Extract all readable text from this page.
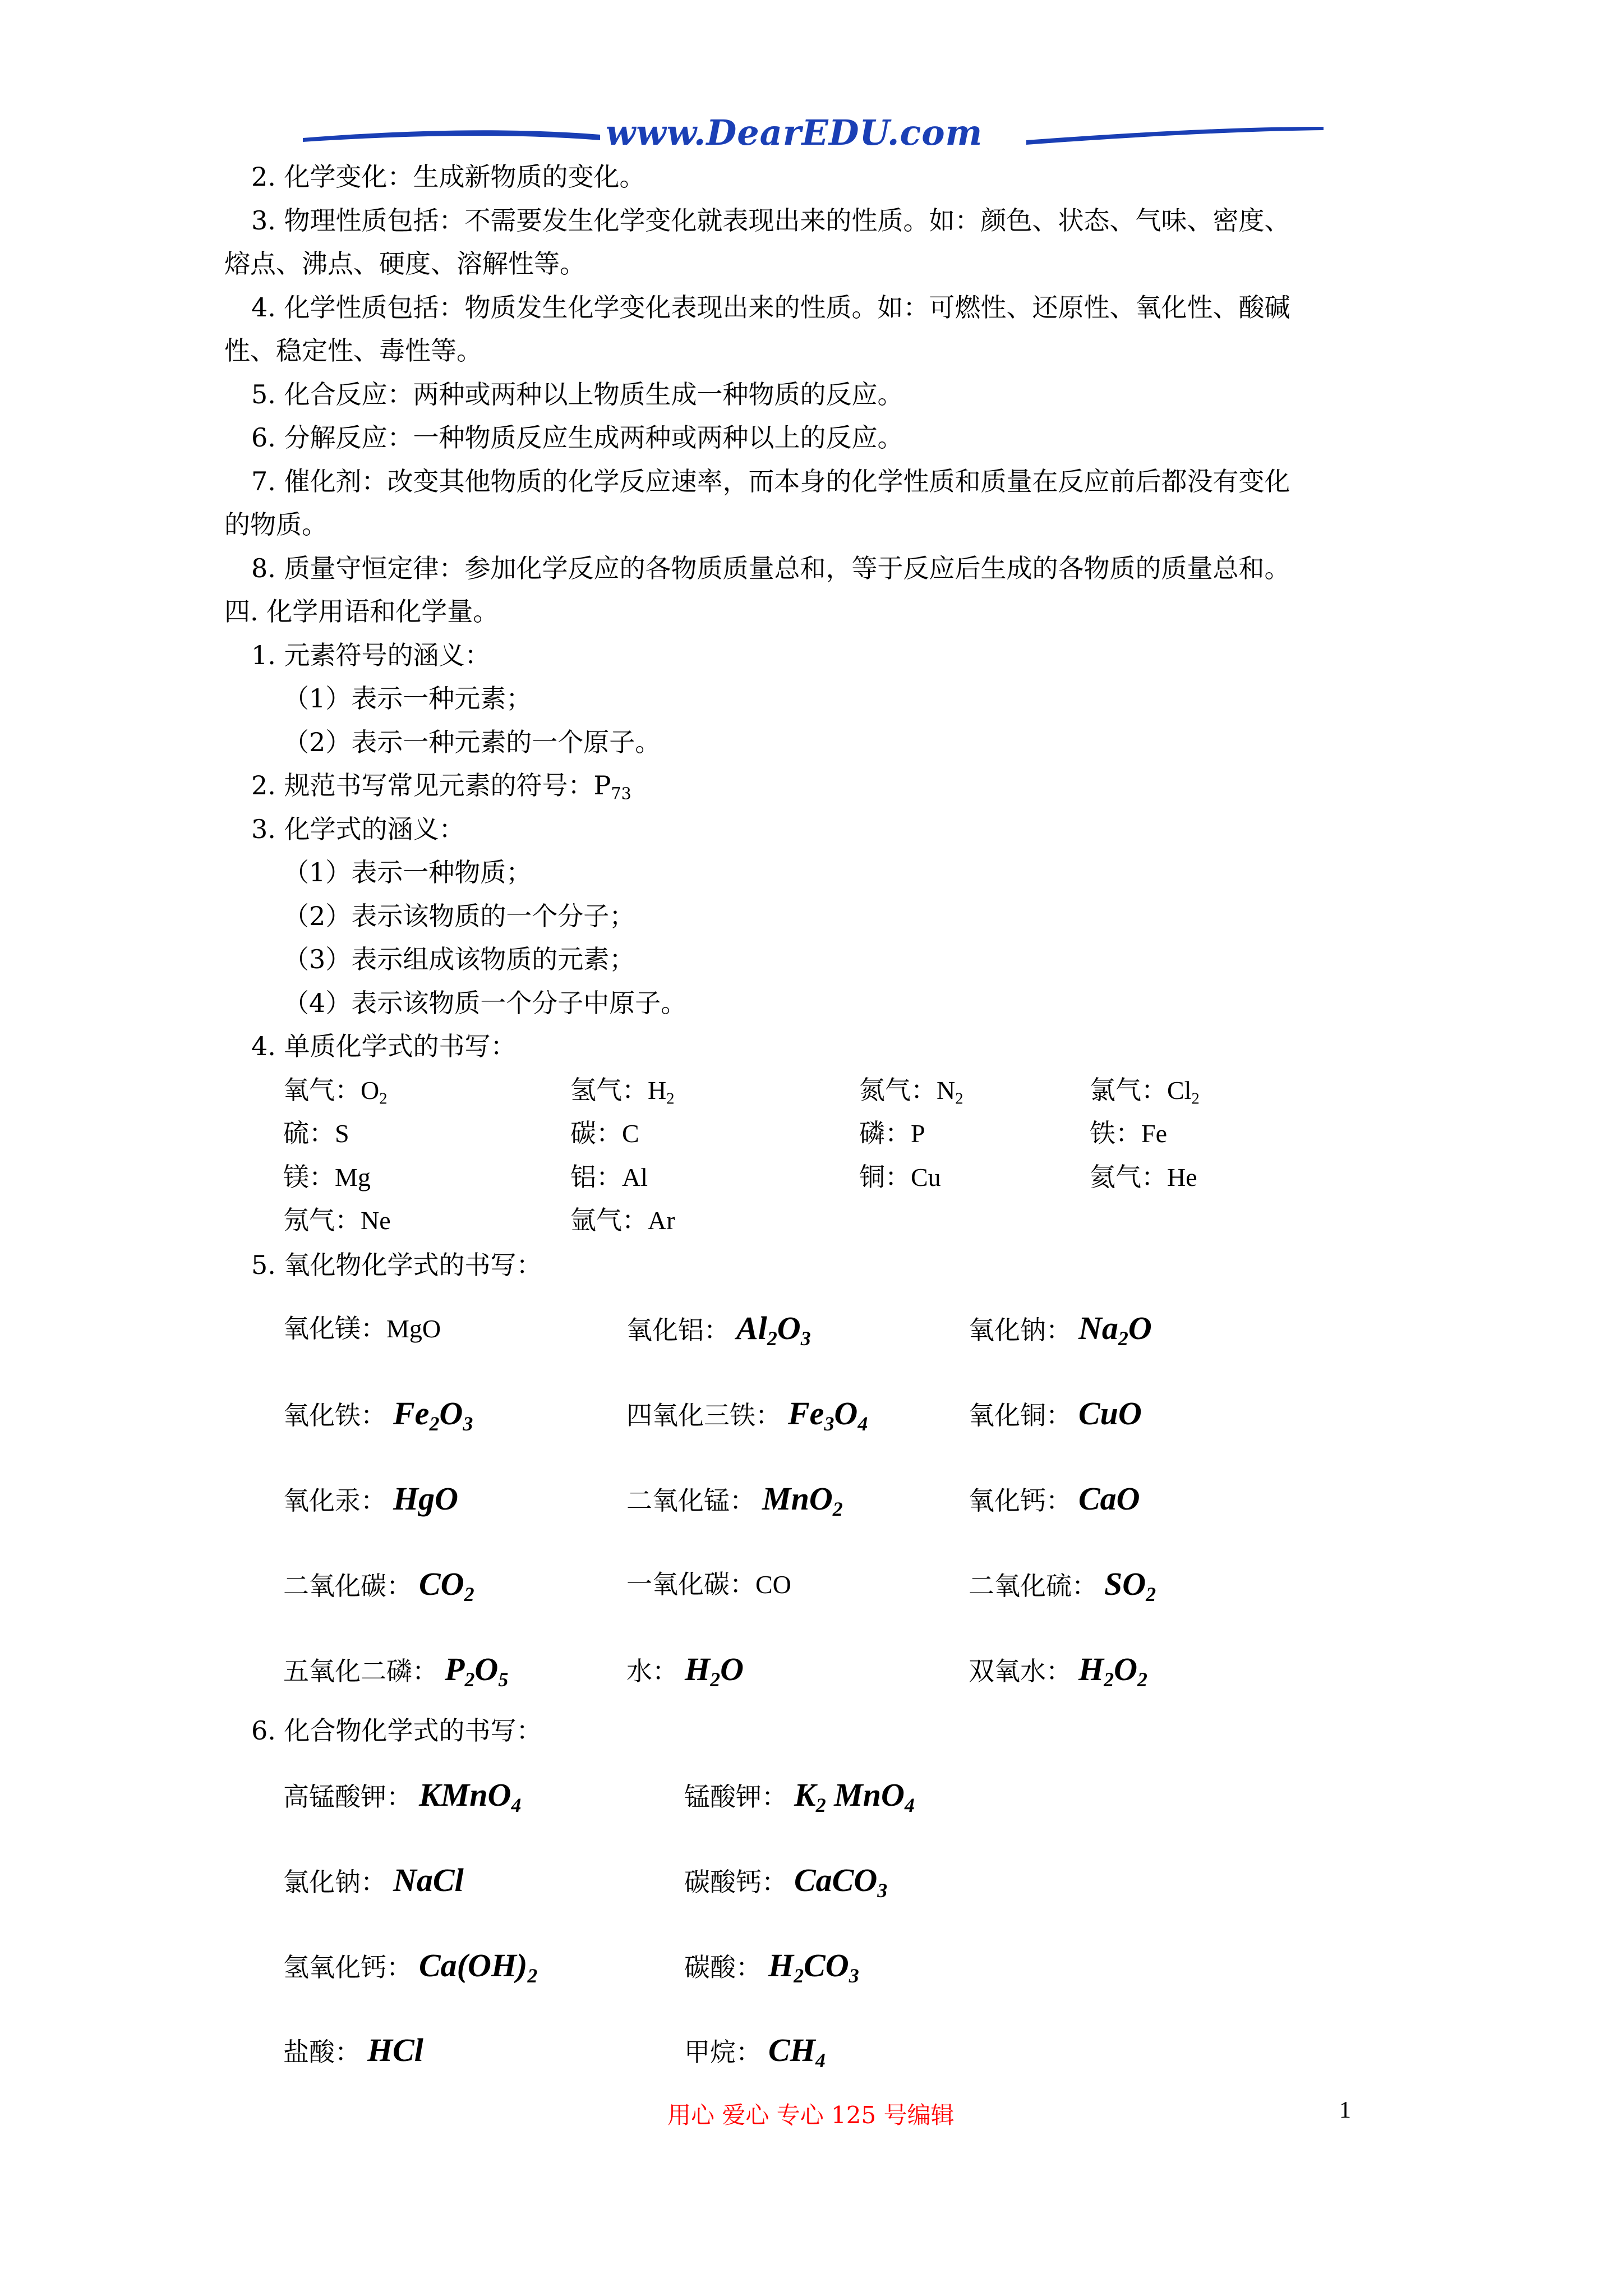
www.DearEDU.com
2. 化学变化：生成新物质的变化。
3. 物理性质包括：不需要发生化学变化就表现出来的性质。如：颜色、状态、气味、密度、
熔点、沸点、硬度、溶解性等。
4. 化学性质包括：物质发生化学变化表现出来的性质。如：可燃性、还原性、氧化性、酸碱
性、稳定性、毒性等。
5. 化合反应：两种或两种以上物质生成一种物质的反应。
6. 分解反应：一种物质反应生成两种或两种以上的反应。
7. 催化剂：改变其他物质的化学反应速率，而本身的化学性质和质量在反应前后都没有变化
的物质。
8. 质量守恒定律：参加化学反应的各物质质量总和，等于反应后生成的各物质的质量总和。
四. 化学用语和化学量。
1. 元素符号的涵义：
（1）表示一种元素；
（2）表示一种元素的一个原子。
2. 规范书写常见元素的符号：$P_{73}$
3. 化学式的涵义：
（1）表示一种物质；
（2）表示该物质的一个分子；
（3）表示组成该物质的元素；
（4）表示该物质一个分子中原子。
4. 单质化学式的书写：
氧气：$O_2$	氢气：$H_2$	氮气：$N_2$	氯气：$Cl_2$
硫：S	碳：C	磷：P	铁：Fe
镁：Mg	铝：Al	铜：Cu	氦气：He
氖气：Ne	氩气：Ar
5. 氧化物化学式的书写：
氧化镁：MgO	氧化铝： $Al_2O_3$	氧化钠： $Na_2O$
氧化铁： $Fe_2O_3$	四氧化三铁： $Fe_3O_4$	氧化铜： CuO
氧化汞： HgO	二氧化锰： MnO$_2$	氧化钙： CaO
二氧化碳： $CO_2$	一氧化碳：CO	二氧化硫： $SO_2$
五氧化二磷： $P_2O_5$	水： $H_2O$	双氧水： $H_2O_2$
6. 化合物化学式的书写：
高锰酸钾： KMnO$_4$	锰酸钾： $K_2$ MnO$_4$
氯化钠： NaCl	碳酸钙： CaCO$_3$
氢氧化钙： $Ca(OH)_2$	碳酸： $H_2CO_3$
盐酸： HCl	甲烷： $CH_4$
用心 爱心 专心 125 号编辑	1
